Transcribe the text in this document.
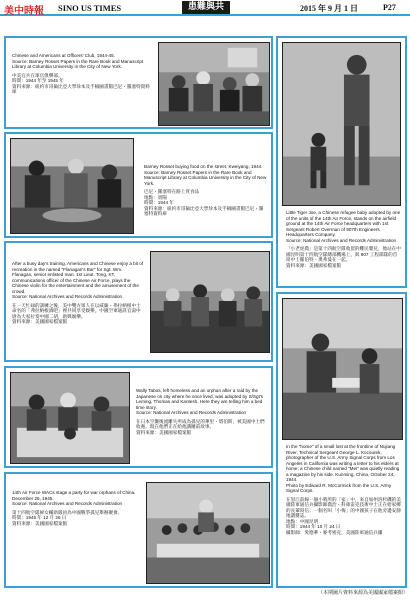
美中時報 SINO US TIMES	患難與共	2015 年 9 月 1 日	P27

Chinese and Americans at Officers' Club, 1944-45.
Source: Barney Rosset Papers in the Rare Book and Manuscript Library at Columbia University in the City of New York.

中美官兵在軍官俱樂部。
時間：1944 年至 1945 年
資料來源：紐約市哥倫比亞大學珍本及手稿圖書館巴尼・羅塞特資料庫

Barney Rosset buying food on the street, Kweiyang, 1944.
Source: Barney Rosset Papers in the Rare Book and Manuscript Library at Columbia University in the City of New York.

巴尼・羅塞特在路上買食品
地點：貴陽
時間：1944 年
資料來源：紐約市哥倫比亞大學珍本及手稿圖書館巴尼・羅塞特資料庫	Little Tiger Joe, a Chinese refugee baby adopted by one of the units of the 14th Air Force, stands on the airfield ground at the 14th Air Force headquarters with 1st Sergeant Robert Overman of 907th Engineers Headquarters Company.
Source: National Archives and Records Administration

「小老虎喬」是第十四航空隊收留的難民嬰兒，他站在中國昆明第十四航空隊總部機場上，與 907 工程部隊的首席中士羅伯特・奧弗曼在一起。
資料來源：美國國家檔案館

After a busy day's training, Americans and Chinese enjoy a bit of recreation in the named "Flanagan's Bar" for Sgt. Wm. Flanagan, senior enlisted man. 1st Lieut. Tong, KT, communications officer of the Chinese Air Force, plays the Chinese violin for the entertainment and the amusement of the crowd.
Source: National Archives and Records Administration

在一天忙碌的訓練之後，美中雙方軍人在以威廉・弗拉納根中士命名的「弗拉納根酒吧」裡共同享受娛樂。中國空軍通訊官湯中尉為大家拉奏中國二胡，助興娛樂。
資料來源：美國國家檔案館

Wally Tabos, left homeless and an orphan after a raid by the Japanese on city where he once lived, was adopted by S/Sgt's Leming, Thomas and Kantesh. Here they are telling him a bed time story.
Source: National Archives and Records Administration

在日本空襲後流離失所成為孤兒的華里・塔伯斯，被美國中士們收養。現在他們正在給他講睡前故事。
資料來源：美國國家檔案館

In the "home" of a small lost at the frontline of Nujiang River, Technical Sergeant George L. Kocourek, photographer of the U.S. Army Signal Corps from Los Angeles in California was writing a letter to his elders at home; a Chinese child named "Mei" was quietly reading a magazine by his side. Kunming, China, October 24, 1944.
Photo by Edward R. McCormick from the U.S. Army Signal Corps.

在怒江前線一個小哨所的「家」中，來自加州洛杉磯的美國陸軍通信兵攝影師喬治・科庫雷克技術中士正在給家鄉的長輩寫信；一個名叫「小梅」的中國孩子在他旁邊安靜地讀雜誌。
地點：中國昆明
時間：1944 年 10 月 24 日
攝影師：愛德華・麥考密克，美國陸軍通信兵團

14th Air Force WACs stage a party for war orphans of China. December 26, 1945.
Source: National Archives and Records Administration

第十四航空隊婦女輔助隊員為中國戰爭孤兒舉辦聚會。
時間：1945 年 12 月 26 日
資料來源：美國國家檔案館

（本期圖片資料來源為美國國家檔案館）
